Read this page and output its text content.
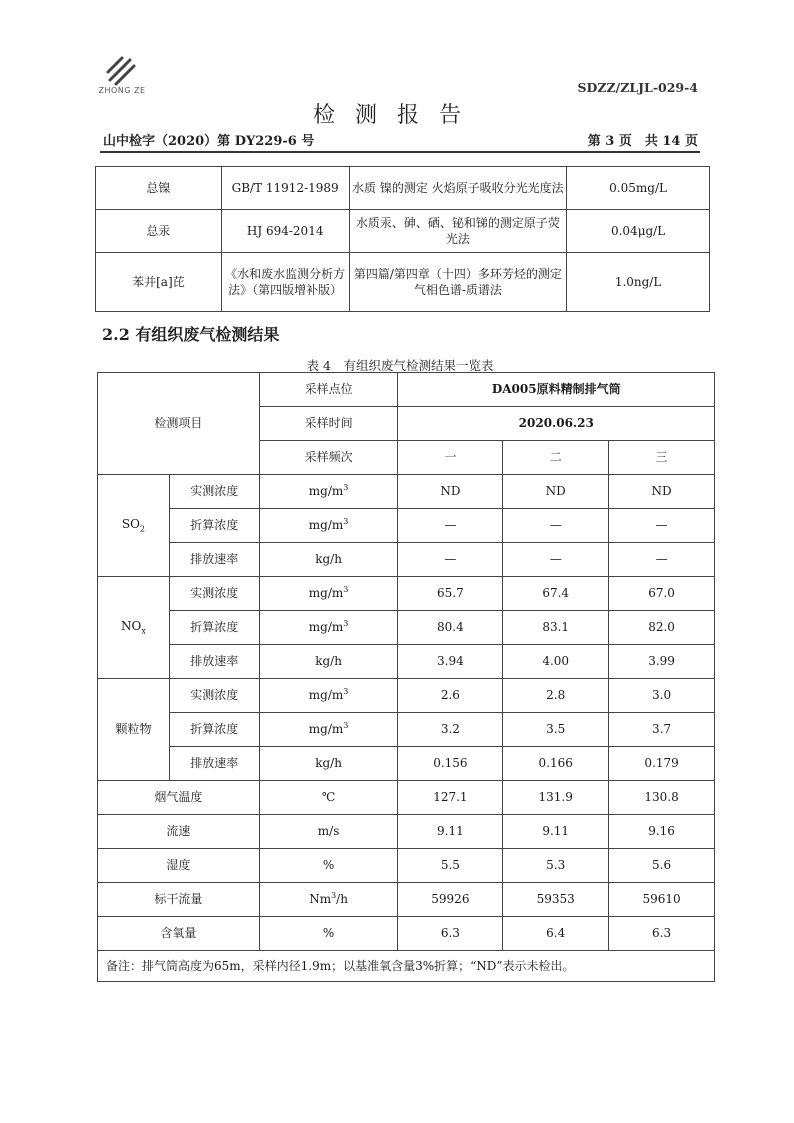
ZHONG ZE	SDZZ/ZLJL-029-4
检测报告
山中检字（2020）第 DY229-6 号	第 3 页　共 14 页
总镍	GB/T 11912-1989	水质 镍的测定 火焰原子吸收分光光度法	0.05mg/L
总汞	HJ 694-2014	水质汞、砷、硒、铋和锑的测定原子荧光法	0.04μg/L
苯并[a]芘	《水和废水监测分析方法》（第四版增补版）	第四篇/第四章（十四）多环芳烃的测定 气相色谱-质谱法	1.0ng/L
2.2 有组织废气检测结果
表 4　有组织废气检测结果一览表
检测项目		采样点位	DA005原料精制排气筒		
		采样时间	2020.06.23		
		采样频次	一	二	三
$SO_2$	实测浓度	$mg/m^3$	ND	ND	ND
	折算浓度	$mg/m^3$	—	—	—
	排放速率	kg/h	—	—	—
$NO_x$	实测浓度	$mg/m^3$	65.7	67.4	67.0
	折算浓度	$mg/m^3$	80.4	83.1	82.0
	排放速率	kg/h	3.94	4.00	3.99
颗粒物	实测浓度	$mg/m^3$	2.6	2.8	3.0
	折算浓度	$mg/m^3$	3.2	3.5	3.7
	排放速率	kg/h	0.156	0.166	0.179
烟气温度		℃	127.1	131.9	130.8
流速		m/s	9.11	9.11	9.16
湿度		%	5.5	5.3	5.6
标干流量		Nm$^3$/h	59926	59353	59610
含氧量		%	6.3	6.4	6.3
备注：排气筒高度为65m，采样内径1.9m；以基准氧含量3%折算；“ND”表示未检出。					
